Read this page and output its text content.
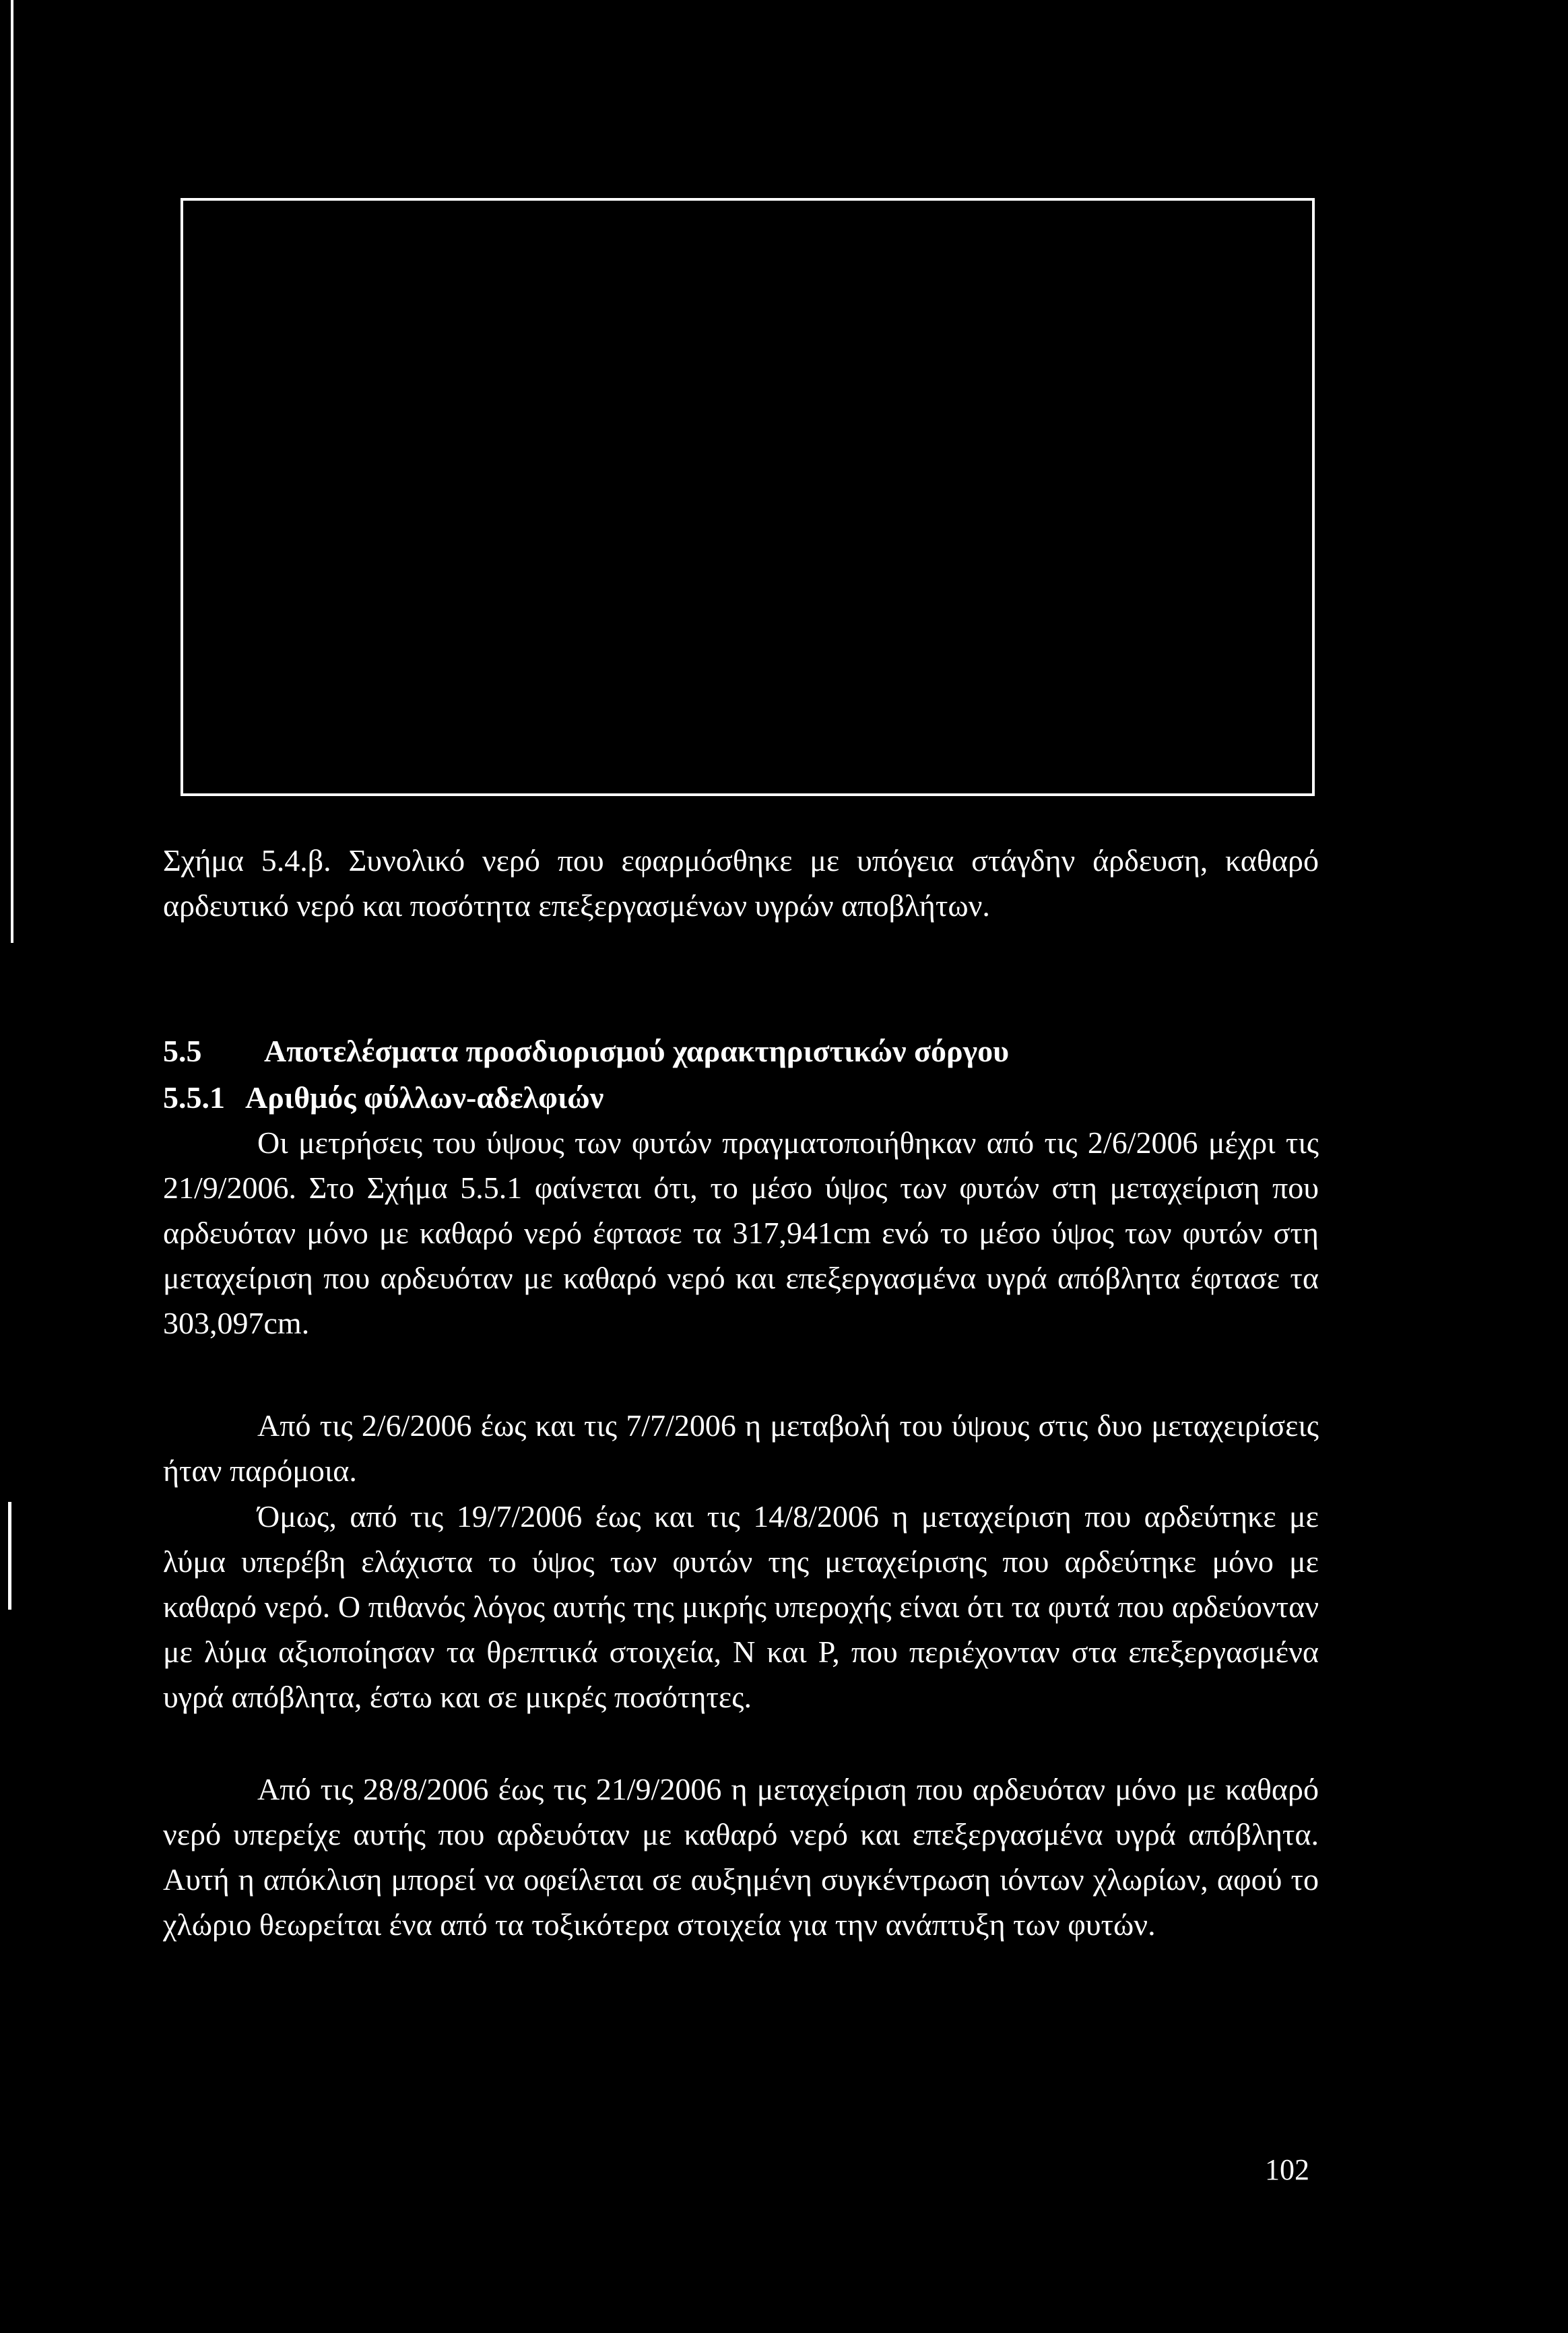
Σχήμα 5.4.β. Συνολικό νερό που εφαρμόσθηκε με υπόγεια στάγδην άρδευση, καθαρό αρδευτικό νερό και ποσότητα επεξεργασμένων υγρών αποβλήτων.

5.5 Αποτελέσματα προσδιορισμού χαρακτηριστικών σόργου
5.5.1 Αριθμός φύλλων-αδελφιών

Οι μετρήσεις του ύψους των φυτών πραγματοποιήθηκαν από τις 2/6/2006 μέχρι τις 21/9/2006. Στο Σχήμα 5.5.1 φαίνεται ότι, το μέσο ύψος των φυτών στη μεταχείριση που αρδευόταν μόνο με καθαρό νερό έφτασε τα 317,941cm ενώ το μέσο ύψος των φυτών στη μεταχείριση που αρδευόταν με καθαρό νερό και επεξεργασμένα υγρά απόβλητα έφτασε τα 303,097cm.

Από τις 2/6/2006 έως και τις 7/7/2006 η μεταβολή του ύψους στις δυο μεταχειρίσεις ήταν παρόμοια.

Όμως, από τις 19/7/2006 έως και τις 14/8/2006 η μεταχείριση που αρδεύτηκε με λύμα υπερέβη ελάχιστα το ύψος των φυτών της μεταχείρισης που αρδεύτηκε μόνο με καθαρό νερό. Ο πιθανός λόγος αυτής της μικρής υπεροχής είναι ότι τα φυτά που αρδεύονταν με λύμα αξιοποίησαν τα θρεπτικά στοιχεία, Ν και Ρ, που περιέχονταν στα επεξεργασμένα υγρά απόβλητα, έστω και σε μικρές ποσότητες.

Από τις 28/8/2006 έως τις 21/9/2006 η μεταχείριση που αρδευόταν μόνο με καθαρό νερό υπερείχε αυτής που αρδευόταν με καθαρό νερό και επεξεργασμένα υγρά απόβλητα. Αυτή η απόκλιση μπορεί να οφείλεται σε αυξημένη συγκέντρωση ιόντων χλωρίων, αφού το χλώριο θεωρείται ένα από τα τοξικότερα στοιχεία για την ανάπτυξη των φυτών.

102
